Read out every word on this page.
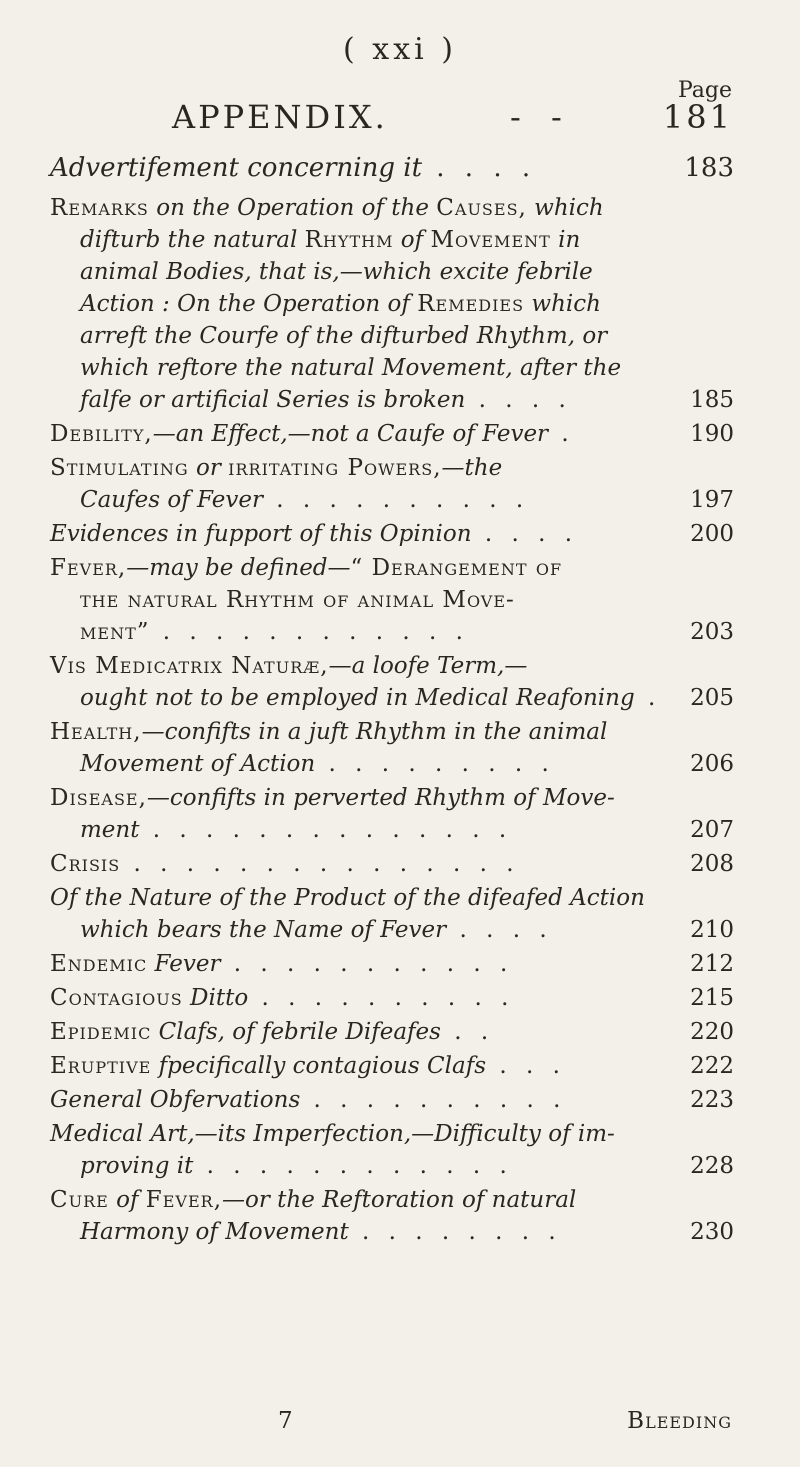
( xxi )
Page
APPENDIX.	- -	181
Advertifement concerning it . . . .	183
Remarks on the Operation of the Causes, which
difturb the natural Rhythm of Movement in
animal Bodies, that is,—which excite febrile
Action : On the Operation of Remedies which
arreft the Courfe of the difturbed Rhythm, or
which reftore the natural Movement, after the
falfe or artificial Series is broken . . . .	185
Debility,—an Effect,—not a Caufe of Fever .	190
Stimulating or irritating Powers,—the
Caufes of Fever . . . . . . . . . .	197
Evidences in fupport of this Opinion . . . .	200
Fever,—may be defined—“ Derangement of
the natural Rhythm of animal Move-
ment” . . . . . . . . . . . .	203
Vis Medicatrix Naturæ,—a loofe Term,—
ought not to be employed in Medical Reafoning .	205
Health,—confifts in a juft Rhythm in the animal
Movement of Action . . . . . . . . .	206
Disease,—confifts in perverted Rhythm of Move-
ment . . . . . . . . . . . . . .	207
Crisis . . . . . . . . . . . . . . .	208
Of the Nature of the Product of the difeafed Action
which bears the Name of Fever . . . .	210
Endemic Fever . . . . . . . . . . .	212
Contagious Ditto . . . . . . . . . .	215
Epidemic Clafs, of febrile Difeafes . .	220
Eruptive fpecifically contagious Clafs . . .	222
General Obfervations . . . . . . . . . .	223
Medical Art,—its Imperfection,—Difficulty of im-
proving it . . . . . . . . . . . .	228
Cure of Fever,—or the Reftoration of natural
Harmony of Movement . . . . . . . .	230
7	Bleeding
